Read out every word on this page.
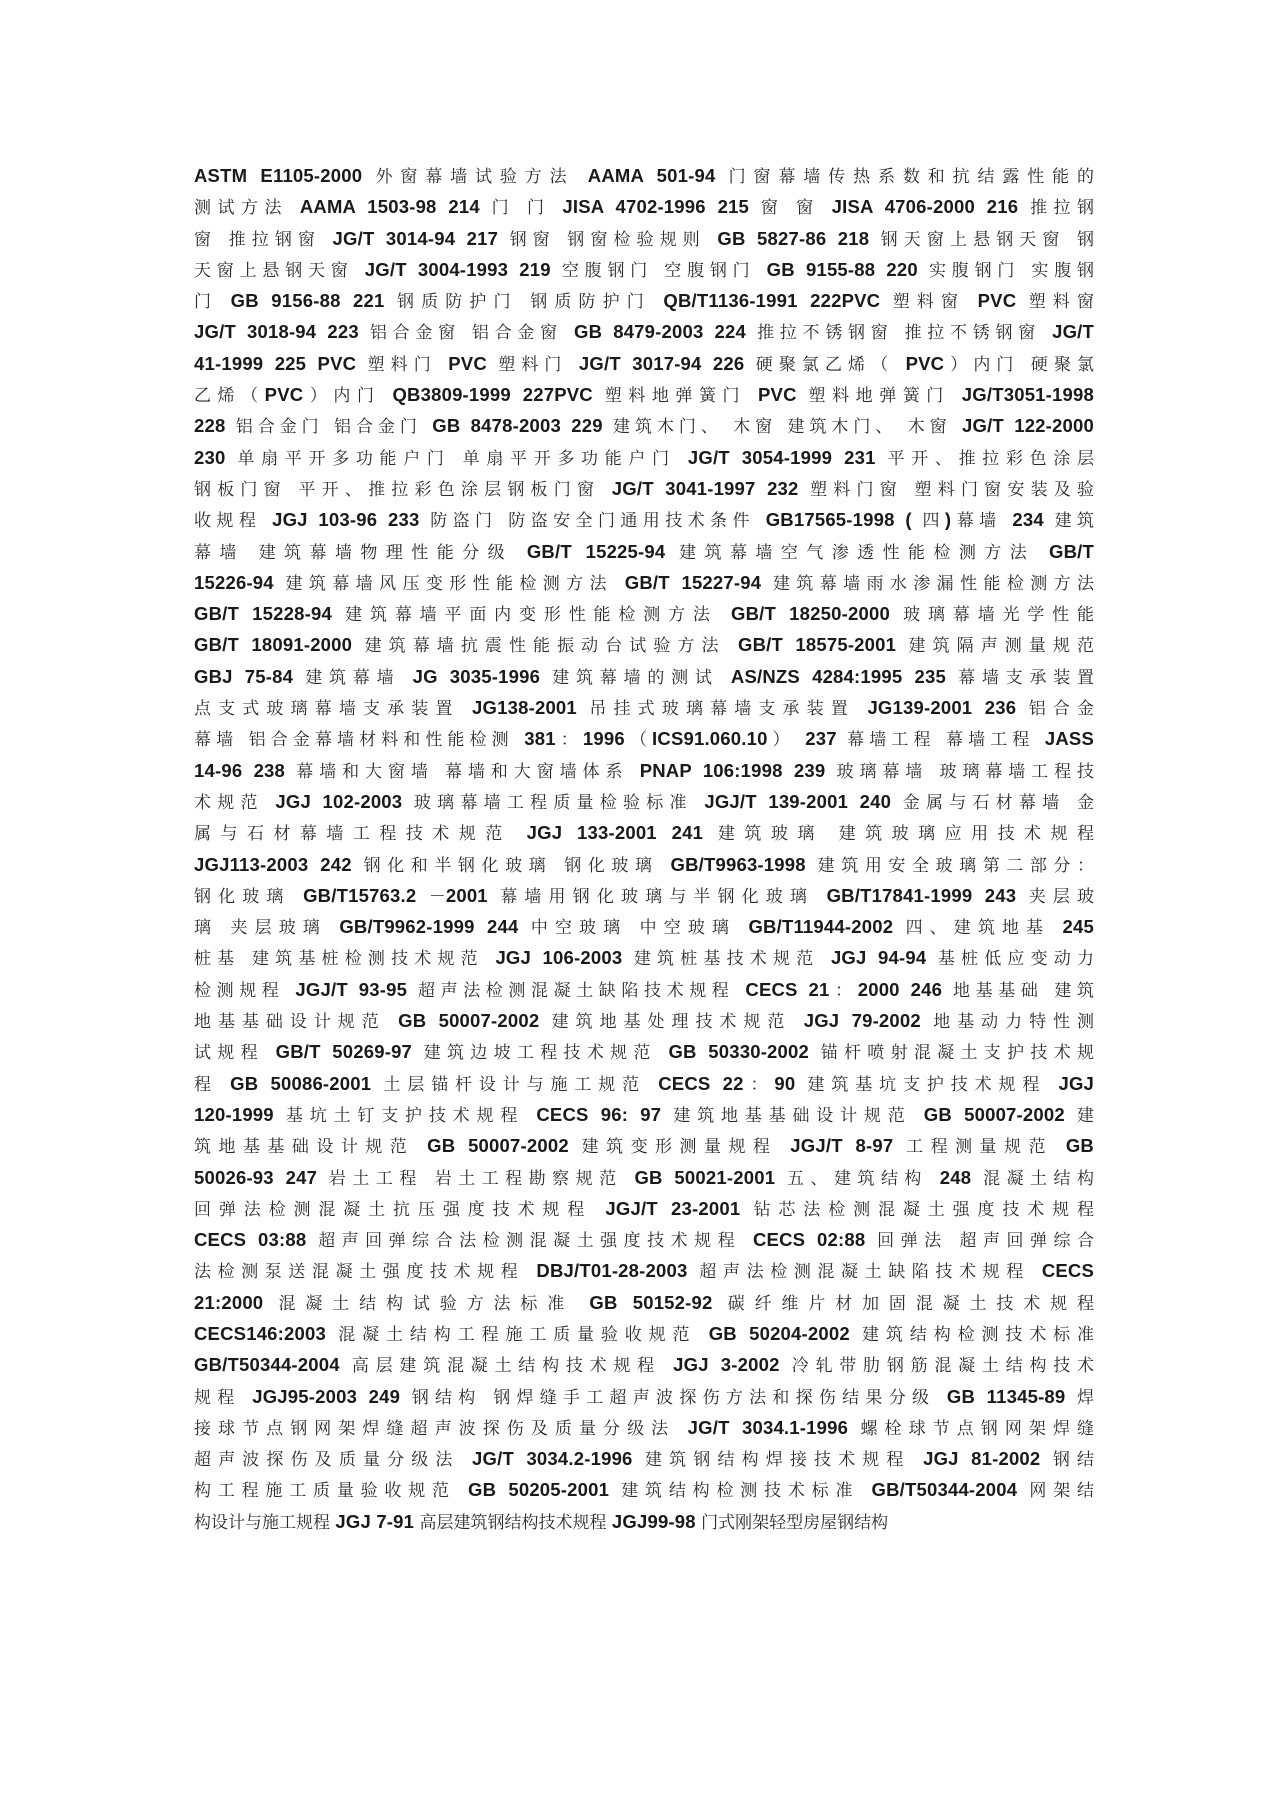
ASTM E1105-2000 外窗幕墙试验方法 AAMA 501-94 门窗幕墙传热系数和抗结露性能的
测试方法 AAMA 1503-98 214 门 门 JISA 4702-1996 215 窗 窗 JISA 4706-2000 216 推拉钢
窗 推拉钢窗 JG/T 3014-94 217 钢窗 钢窗检验规则 GB 5827-86 218 钢天窗上悬钢天窗 钢
天窗上悬钢天窗 JG/T 3004-1993 219 空腹钢门 空腹钢门 GB 9155-88 220 实腹钢门 实腹钢
门 GB 9156-88 221 钢质防护门 钢质防护门 QB/T1136-1991 222PVC 塑料窗 PVC 塑料窗
JG/T 3018-94 223 铝合金窗 铝合金窗 GB 8479-2003 224 推拉不锈钢窗 推拉不锈钢窗 JG/T
41-1999 225 PVC 塑料门 PVC 塑料门 JG/T 3017-94 226 硬聚氯乙烯（ PVC）内门 硬聚氯
乙烯（PVC）内门 QB3809-1999 227PVC 塑料地弹簧门 PVC 塑料地弹簧门 JG/T3051-1998
228 铝合金门 铝合金门 GB 8478-2003 229 建筑木门、 木窗 建筑木门、 木窗 JG/T 122-2000
230 单扇平开多功能户门 单扇平开多功能户门 JG/T 3054-1999 231 平开、推拉彩色涂层
钢板门窗 平开、推拉彩色涂层钢板门窗 JG/T 3041-1997 232 塑料门窗 塑料门窗安装及验
收规程 JGJ 103-96 233 防盗门 防盗安全门通用技术条件 GB17565-1998 ( 四)幕墙 234 建筑
幕墙 建筑幕墙物理性能分级 GB/T 15225-94 建筑幕墙空气渗透性能检测方法 GB/T
15226-94 建筑幕墙风压变形性能检测方法 GB/T 15227-94 建筑幕墙雨水渗漏性能检测方法
GB/T 15228-94 建筑幕墙平面内变形性能检测方法 GB/T 18250-2000 玻璃幕墙光学性能
GB/T 18091-2000 建筑幕墙抗震性能振动台试验方法 GB/T 18575-2001 建筑隔声测量规范
GBJ 75-84 建筑幕墙 JG 3035-1996 建筑幕墙的测试 AS/NZS 4284:1995 235 幕墙支承装置
点支式玻璃幕墙支承装置 JG138-2001 吊挂式玻璃幕墙支承装置 JG139-2001 236 铝合金
幕墙 铝合金幕墙材料和性能检测 381：1996（ICS91.060.10） 237 幕墙工程 幕墙工程 JASS
14-96 238 幕墙和大窗墙 幕墙和大窗墙体系 PNAP 106:1998 239 玻璃幕墙 玻璃幕墙工程技
术规范 JGJ 102-2003 玻璃幕墙工程质量检验标准 JGJ/T 139-2001 240 金属与石材幕墙 金
属与石材幕墙工程技术规范 JGJ 133-2001 241 建筑玻璃 建筑玻璃应用技术规程
JGJ113-2003 242 钢化和半钢化玻璃 钢化玻璃 GB/T9963-1998 建筑用安全玻璃第二部分：
钢化玻璃 GB/T15763.2 －2001 幕墙用钢化玻璃与半钢化玻璃 GB/T17841-1999 243 夹层玻
璃 夹层玻璃 GB/T9962-1999 244 中空玻璃 中空玻璃 GB/T11944-2002 四、建筑地基 245
桩基 建筑基桩检测技术规范 JGJ 106-2003 建筑桩基技术规范 JGJ 94-94 基桩低应变动力
检测规程 JGJ/T 93-95 超声法检测混凝土缺陷技术规程 CECS 21：2000 246 地基基础 建筑
地基基础设计规范 GB 50007-2002 建筑地基处理技术规范 JGJ 79-2002 地基动力特性测
试规程 GB/T 50269-97 建筑边坡工程技术规范 GB 50330-2002 锚杆喷射混凝土支护技术规
程 GB 50086-2001 土层锚杆设计与施工规范 CECS 22：90 建筑基坑支护技术规程 JGJ
120-1999 基坑土钉支护技术规程 CECS 96: 97 建筑地基基础设计规范 GB 50007-2002 建
筑地基基础设计规范 GB 50007-2002 建筑变形测量规程 JGJ/T 8-97 工程测量规范 GB
50026-93 247 岩土工程 岩土工程勘察规范 GB 50021-2001 五、建筑结构 248 混凝土结构
回弹法检测混凝土抗压强度技术规程 JGJ/T 23-2001 钻芯法检测混凝土强度技术规程
CECS 03:88 超声回弹综合法检测混凝土强度技术规程 CECS 02:88 回弹法 超声回弹综合
法检测泵送混凝土强度技术规程 DBJ/T01-28-2003 超声法检测混凝土缺陷技术规程 CECS
21:2000 混凝土结构试验方法标准 GB 50152-92 碳纤维片材加固混凝土技术规程
CECS146:2003 混凝土结构工程施工质量验收规范 GB 50204-2002 建筑结构检测技术标准
GB/T50344-2004 高层建筑混凝土结构技术规程 JGJ 3-2002 冷轧带肋钢筋混凝土结构技术
规程 JGJ95-2003 249 钢结构 钢焊缝手工超声波探伤方法和探伤结果分级 GB 11345-89 焊
接球节点钢网架焊缝超声波探伤及质量分级法 JG/T 3034.1-1996 螺栓球节点钢网架焊缝
超声波探伤及质量分级法 JG/T 3034.2-1996 建筑钢结构焊接技术规程 JGJ 81-2002 钢结
构工程施工质量验收规范 GB 50205-2001 建筑结构检测技术标准 GB/T50344-2004 网架结
构设计与施工规程 JGJ 7-91 高层建筑钢结构技术规程 JGJ99-98 门式刚架轻型房屋钢结构
